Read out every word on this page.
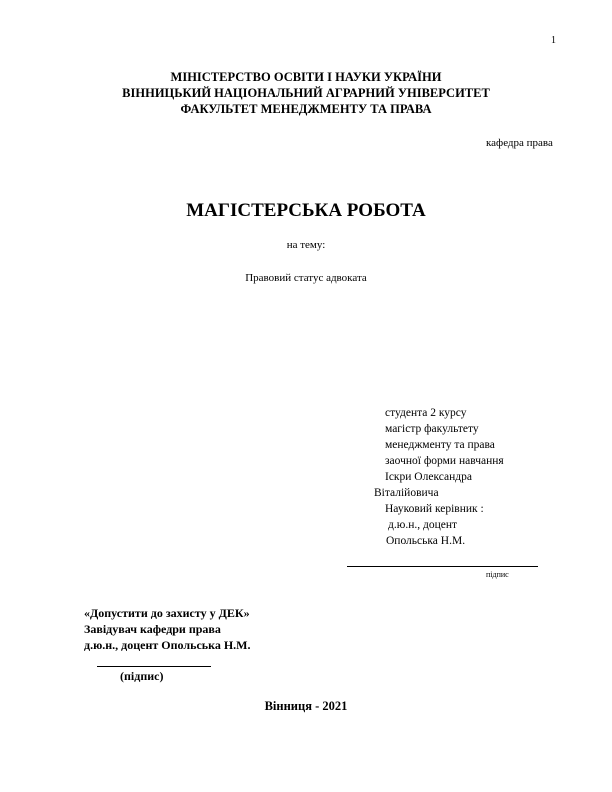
1
МІНІСТЕРСТВО ОСВІТИ І НАУКИ УКРАЇНИ
ВІННИЦЬКИЙ НАЦІОНАЛЬНИЙ АГРАРНИЙ УНІВЕРСИТЕТ
ФАКУЛЬТЕТ МЕНЕДЖМЕНТУ ТА ПРАВА
кафедра права
МАГІСТЕРСЬКА РОБОТА
на тему:
Правовий статус адвоката
студента 2 курсу
магістр факультету
менеджменту та права
заочної форми навчання
Іскри Олександра
Віталійовича
Науковий керівник :
д.ю.н., доцент
Опольська Н.М.
підпис
«Допустити до захисту у ДЕК»
Завідувач кафедри права
д.ю.н., доцент Опольська Н.М.
(підпис)
Вінниця - 2021
